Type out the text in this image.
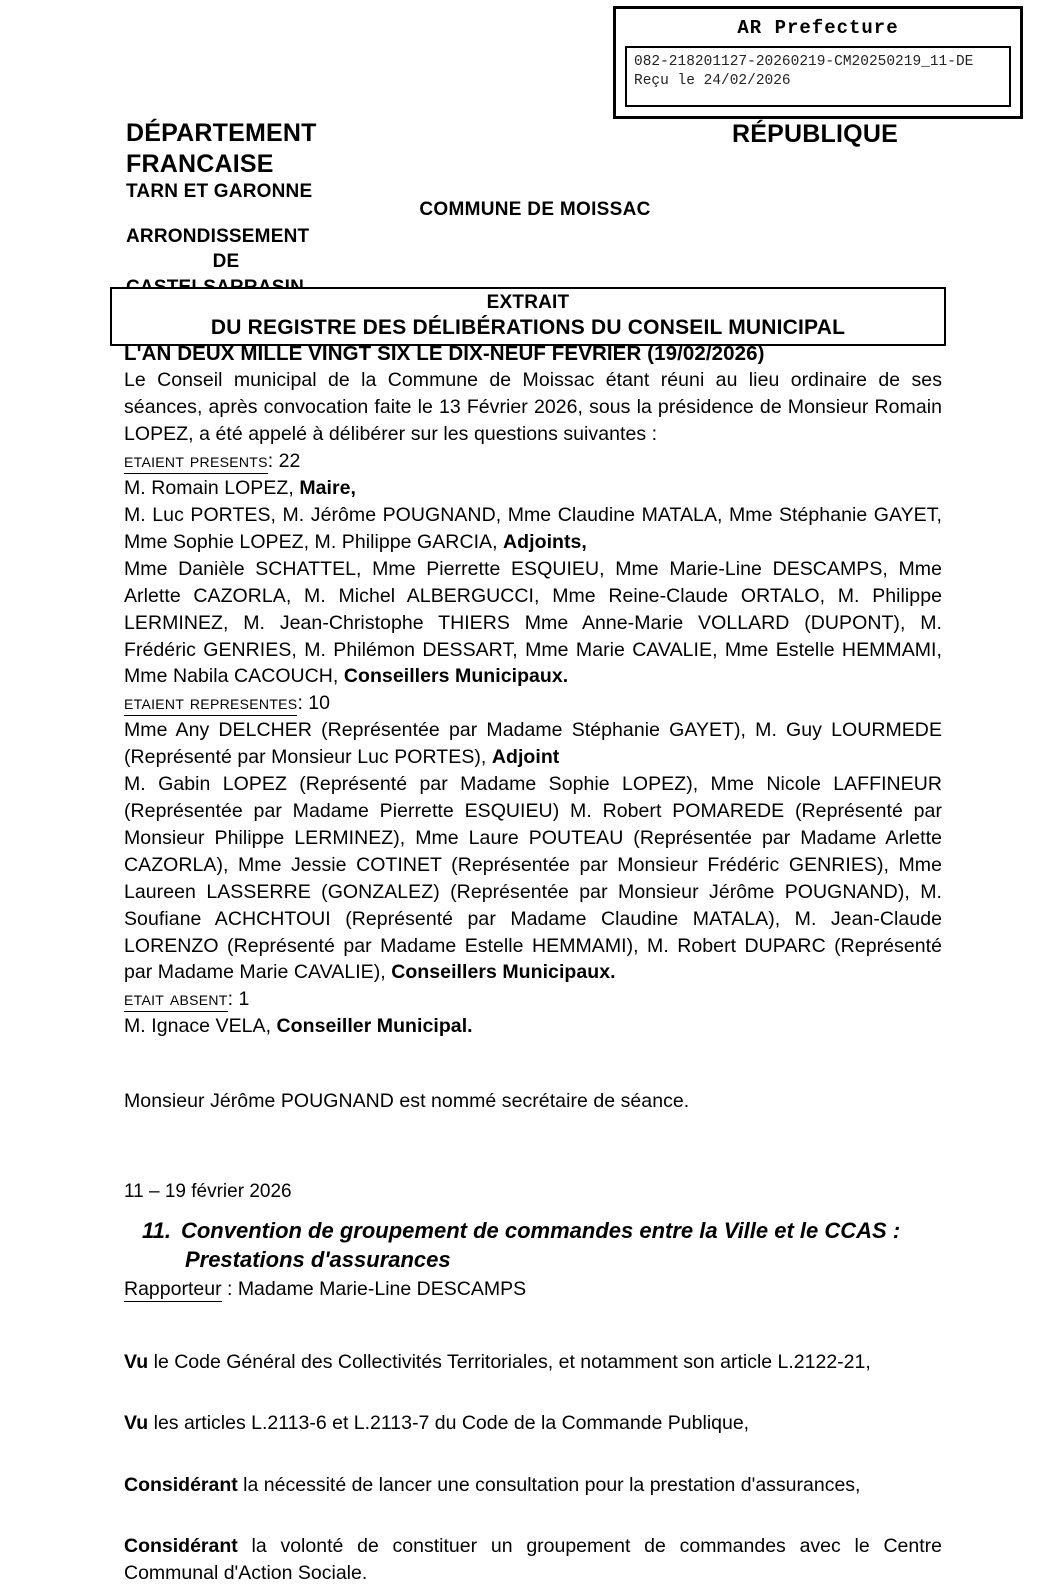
AR Prefecture
082-218201127-20260219-CM20250219_11-DE
Reçu le 24/02/2026
DÉPARTEMENT
FRANCAISE
TARN ET GARONNE
ARRONDISSEMENT
DE
RÉPUBLIQUE
COMMUNE DE MOISSAC
EXTRAIT
DU REGISTRE DES DÉLIBÉRATIONS DU CONSEIL MUNICIPAL
L'AN DEUX MILLE VINGT SIX LE DIX-NEUF FEVRIER (19/02/2026)
Le Conseil municipal de la Commune de Moissac étant réuni au lieu ordinaire de ses séances, après convocation faite le 13 Février 2026, sous la présidence de Monsieur Romain LOPEZ, a été appelé à délibérer sur les questions suivantes :
etaient presents: 22
M. Romain LOPEZ, Maire,
M. Luc PORTES, M. Jérôme POUGNAND, Mme Claudine MATALA, Mme Stéphanie GAYET, Mme Sophie LOPEZ, M. Philippe GARCIA, Adjoints,
Mme Danièle SCHATTEL, Mme Pierrette ESQUIEU, Mme Marie-Line DESCAMPS, Mme Arlette CAZORLA, M. Michel ALBERGUCCI, Mme Reine-Claude ORTALO, M. Philippe LERMINEZ, M. Jean-Christophe THIERS Mme Anne-Marie VOLLARD (DUPONT), M. Frédéric GENRIES, M. Philémon DESSART, Mme Marie CAVALIE, Mme Estelle HEMMAMI, Mme Nabila CACOUCH, Conseillers Municipaux.
etaient representes: 10
Mme Any DELCHER (Représentée par Madame Stéphanie GAYET), M. Guy LOURMEDE (Représenté par Monsieur Luc PORTES), Adjoint
M. Gabin LOPEZ (Représenté par Madame Sophie LOPEZ), Mme Nicole LAFFINEUR (Représentée par Madame Pierrette ESQUIEU) M. Robert POMAREDE (Représenté par Monsieur Philippe LERMINEZ), Mme Laure POUTEAU (Représentée par Madame Arlette CAZORLA), Mme Jessie COTINET (Représentée par Monsieur Frédéric GENRIES), Mme Laureen LASSERRE (GONZALEZ) (Représentée par Monsieur Jérôme POUGNAND), M. Soufiane ACHCHTOUI (Représenté par Madame Claudine MATALA), M. Jean-Claude LORENZO (Représenté par Madame Estelle HEMMAMI), M. Robert DUPARC (Représenté par Madame Marie CAVALIE), Conseillers Municipaux.
etait absent: 1
M. Ignace VELA, Conseiller Municipal.
Monsieur Jérôme POUGNAND est nommé secrétaire de séance.
11 – 19 février 2026
11. Convention de groupement de commandes entre la Ville et le CCAS : Prestations d'assurances
Rapporteur : Madame Marie-Line DESCAMPS
Vu le Code Général des Collectivités Territoriales, et notamment son article L.2122-21,
Vu les articles L.2113-6 et L.2113-7 du Code de la Commande Publique,
Considérant la nécessité de lancer une consultation pour la prestation d'assurances,
Considérant la volonté de constituer un groupement de commandes avec le Centre Communal d'Action Sociale.
